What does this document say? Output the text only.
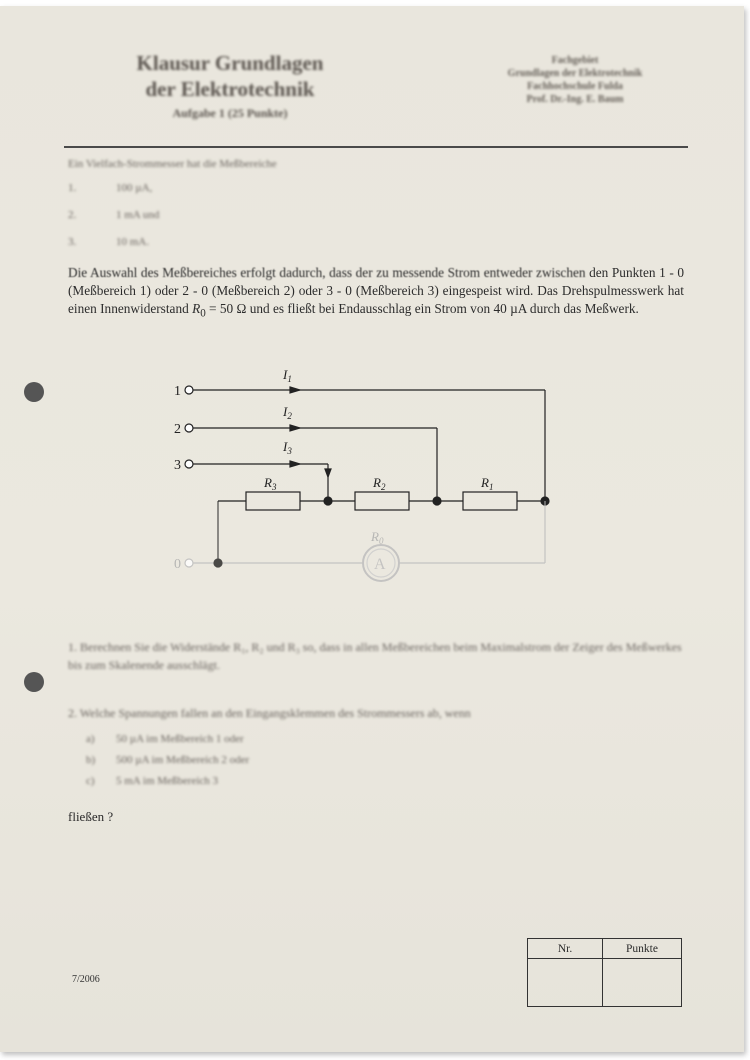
Klausur Grundlagen
der Elektrotechnik
Aufgabe 1 (25 Punkte)
Fachgebiet
Grundlagen der Elektrotechnik
Fachhochschule Fulda
Prof. Dr.-Ing. E. Baum
Ein Vielfach-Strommesser hat die Meßbereiche
1.	100 µA,
2.	1 mA und
3.	10 mA.
Die Auswahl des Meßbereiches erfolgt dadurch, dass der zu messende Strom entweder zwischen den Punkten 1 - 0 (Meßbereich 1) oder 2 - 0 (Meßbereich 2) oder 3 - 0 (Meßbereich 3) eingespeist wird. Das Drehspulmesswerk hat einen Innenwiderstand $R_0 = 50$ Ω und es fließt bei Endausschlag ein Strom von 40 µA durch das Meßwerk.
1
2
3
$I_1$
$I_2$
$I_3$
$R_3$	$R_2$	$R_1$
0	A
$R_0$
1. Berechnen Sie die Widerstände R₁, R₂ und R₃ so, dass in allen Meßbereichen beim Maximalstrom der Zeiger des Meßwerkes bis zum Skalenende ausschlägt.
2. Welche Spannungen fallen an den Eingangsklemmen des Strommessers ab, wenn
a)	50 µA im Meßbereich 1 oder
b)	500 µA im Meßbereich 2 oder
c)	5 mA im Meßbereich 3
fließen ?
7/2006
Nr.	Punkte
